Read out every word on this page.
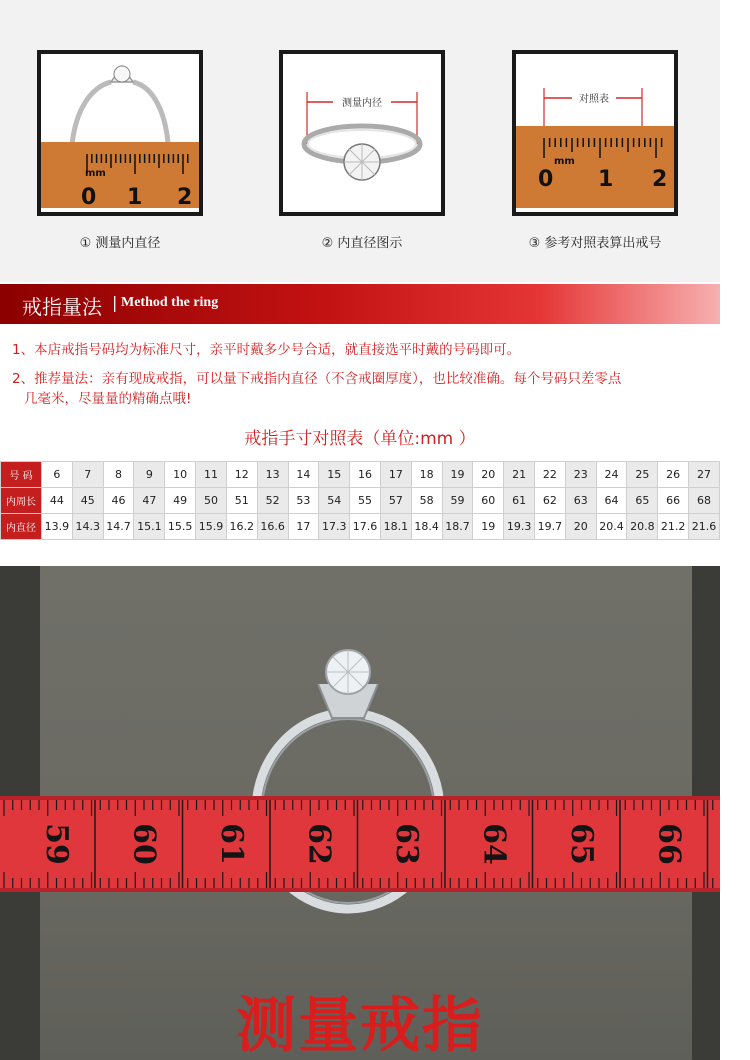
0 1 2
mm
① 测量内直径
测量内径
② 内直径图示
对照表
0 1 2
mm
③ 参考对照表算出戒号
戒指量法 | Method the ring
1、本店戒指号码均为标准尺寸，亲平时戴多少号合适，就直接选平时戴的号码即可。
2、推荐量法：亲有现成戒指，可以量下戒指内直径（不含戒圈厚度），也比较准确。每个号码只差零点
几毫米，尽量量的精确点哦!
戒指手寸对照表（单位:mm ）
号 码	6	7	8	9	10	11	12	13	14	15	16	17	18	19	20	21	22	23	24	25	26	27
内周长	44	45	46	47	49	50	51	52	53	54	55	57	58	59	60	61	62	63	64	65	66	68
内直径	13.9	14.3	14.7	15.1	15.5	15.9	16.2	16.6	17	17.3	17.6	18.1	18.4	18.7	19	19.3	19.7	20	20.4	20.8	21.2	21.6
59 60 61 62 63 64 65 66
测量戒指
